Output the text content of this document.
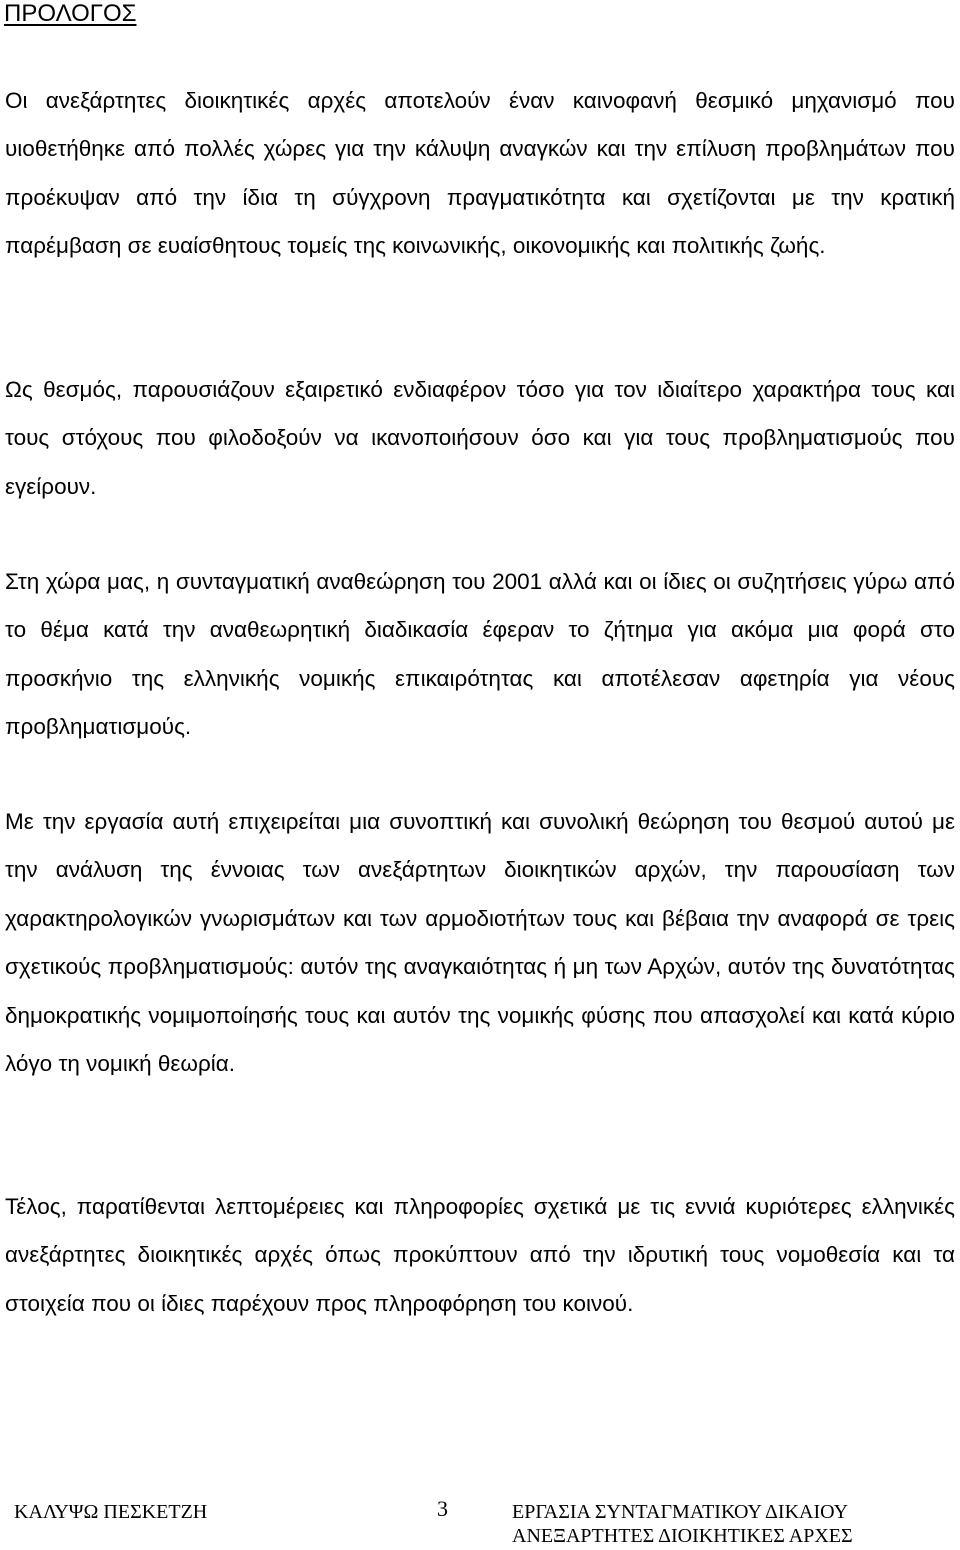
ΠΡΟΛΟΓΟΣ

Οι ανεξάρτητες διοικητικές αρχές αποτελούν έναν καινοφανή θεσμικό μηχανισμό που υιοθετήθηκε από πολλές χώρες για την κάλυψη αναγκών και την επίλυση προβλημάτων που προέκυψαν από την ίδια τη σύγχρονη πραγματικότητα και σχετίζονται με την κρατική παρέμβαση σε ευαίσθητους τομείς της κοινωνικής, οικονομικής και πολιτικής ζωής.

Ως θεσμός, παρουσιάζουν εξαιρετικό ενδιαφέρον τόσο για τον ιδιαίτερο χαρακτήρα τους και τους στόχους που φιλοδοξούν να ικανοποιήσουν όσο και για τους προβληματισμούς που εγείρουν.

Στη χώρα μας, η συνταγματική αναθεώρηση του 2001 αλλά και οι ίδιες οι συζητήσεις γύρω από το θέμα κατά την αναθεωρητική διαδικασία έφεραν το ζήτημα για ακόμα μια φορά στο προσκήνιο της ελληνικής νομικής επικαιρότητας και αποτέλεσαν αφετηρία για νέους προβληματισμούς.

Με την εργασία αυτή επιχειρείται μια συνοπτική και συνολική θεώρηση του θεσμού αυτού με την ανάλυση της έννοιας των ανεξάρτητων διοικητικών αρχών, την παρουσίαση των χαρακτηρολογικών γνωρισμάτων και των αρμοδιοτήτων τους και βέβαια την αναφορά σε τρεις σχετικούς προβληματισμούς: αυτόν της αναγκαιότητας ή μη των Αρχών, αυτόν της δυνατότητας δημοκρατικής νομιμοποίησής τους και αυτόν της νομικής φύσης που απασχολεί και κατά κύριο λόγο τη νομική θεωρία.

Τέλος, παρατίθενται λεπτομέρειες και πληροφορίες σχετικά με τις εννιά κυριότερες ελληνικές ανεξάρτητες διοικητικές αρχές όπως προκύπτουν από την ιδρυτική τους νομοθεσία και τα στοιχεία που οι ίδιες παρέχουν προς πληροφόρηση του κοινού.

ΚΑΛΥΨΩ ΠΕΣΚΕΤΖΗ	3	ΕΡΓΑΣΙΑ ΣΥΝΤΑΓΜΑΤΙΚΟΥ ΔΙΚΑΙΟΥ
ΑΝΕΞΑΡΤΗΤΕΣ ΔΙΟΙΚΗΤΙΚΕΣ ΑΡΧΕΣ
